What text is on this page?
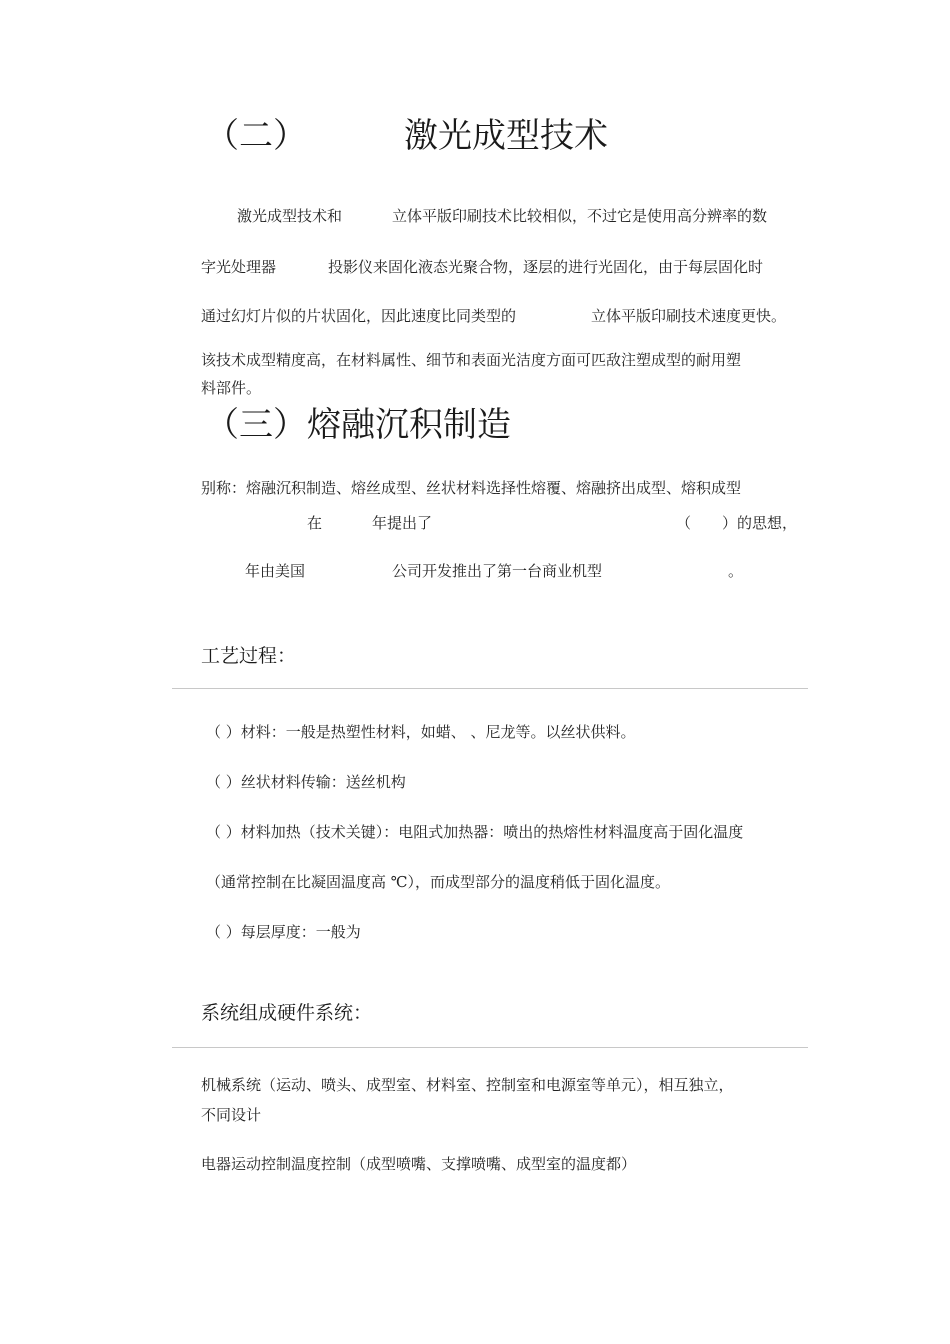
（二）	激光成型技术
激光成型技术和	立体平版印刷技术比较相似，不过它是使用高分辨率的数
字光处理器	投影仪来固化液态光聚合物，逐层的进行光固化，由于每层固化时
通过幻灯片似的片状固化，因此速度比同类型的	立体平版印刷技术速度更快。
该技术成型精度高，在材料属性、细节和表面光洁度方面可匹敌注塑成型的耐用塑
料部件。
（三）熔融沉积制造
别称：熔融沉积制造、熔丝成型、丝状材料选择性熔覆、熔融挤出成型、熔积成型
在	年提出了	（ ）的思想，
年由美国	公司开发推出了第一台商业机型	。
工艺过程：
（ ）材料：一般是热塑性材料，如蜡、 、尼龙等。以丝状供料。
（ ）丝状材料传输：送丝机构
（ ）材料加热（技术关键）：电阻式加热器：喷出的热熔性材料温度高于固化温度
（通常控制在比凝固温度高 ℃），而成型部分的温度稍低于固化温度。
（ ）每层厚度：一般为
系统组成硬件系统：
机械系统（运动、喷头、成型室、材料室、控制室和电源室等单元），相互独立，
不同设计
电器运动控制温度控制（成型喷嘴、支撑喷嘴、成型室的温度都）
